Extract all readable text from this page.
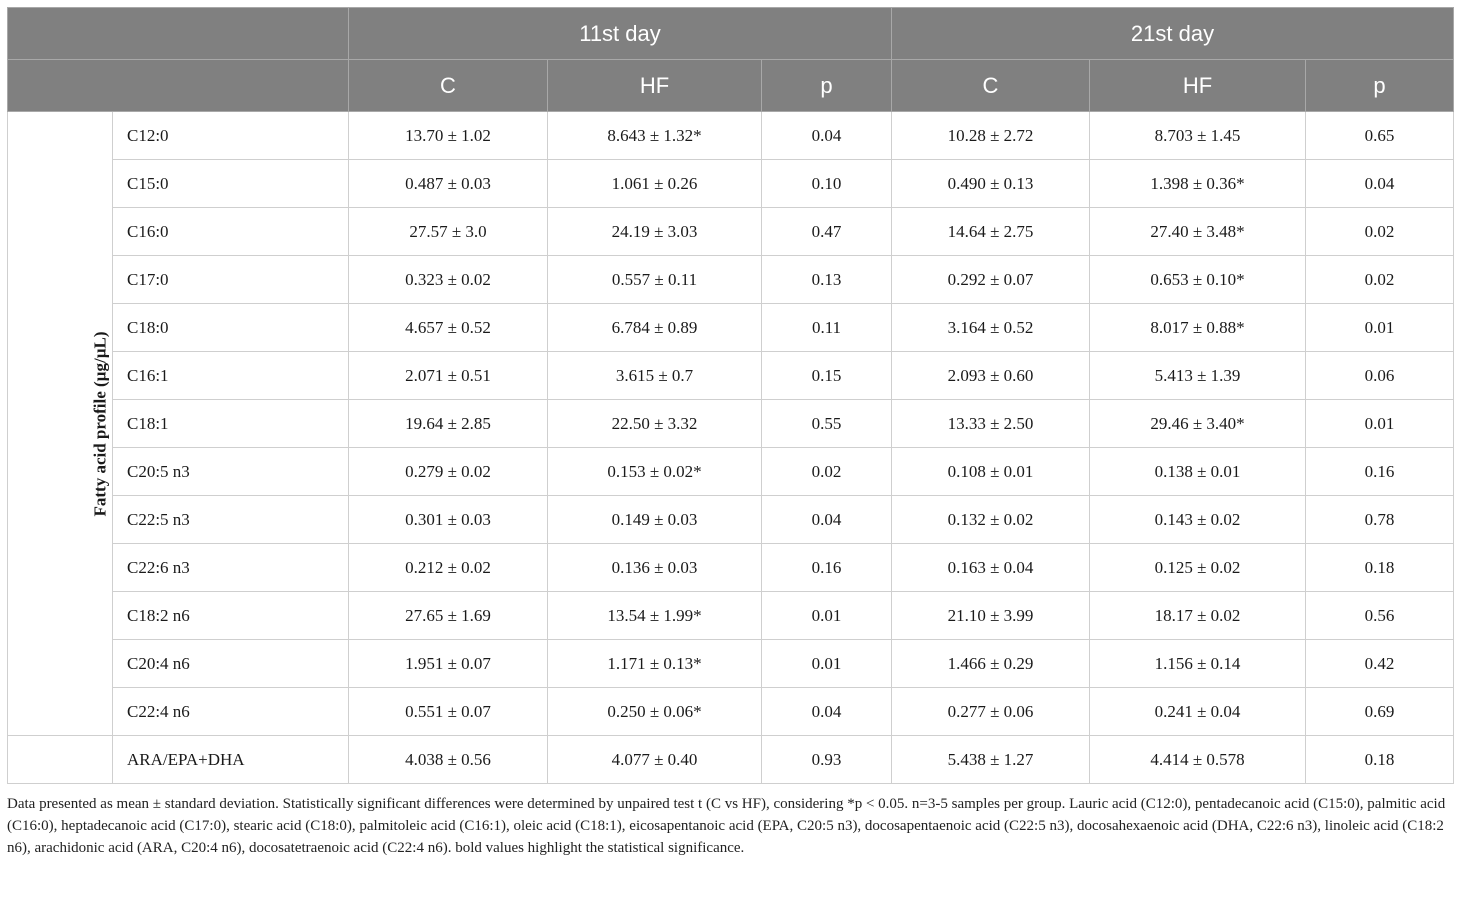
		11st day			21st day		
		C	HF	p	C	HF	p
Fatty acid profile (µg/µL)	C12:0	13.70 ± 1.02	8.643 ± 1.32*	0.04	10.28 ± 2.72	8.703 ± 1.45	0.65
	C15:0	0.487 ± 0.03	1.061 ± 0.26	0.10	0.490 ± 0.13	1.398 ± 0.36*	0.04
	C16:0	27.57 ± 3.0	24.19 ± 3.03	0.47	14.64 ± 2.75	27.40 ± 3.48*	0.02
	C17:0	0.323 ± 0.02	0.557 ± 0.11	0.13	0.292 ± 0.07	0.653 ± 0.10*	0.02
	C18:0	4.657 ± 0.52	6.784 ± 0.89	0.11	3.164 ± 0.52	8.017 ± 0.88*	0.01
	C16:1	2.071 ± 0.51	3.615 ± 0.7	0.15	2.093 ± 0.60	5.413 ± 1.39	0.06
	C18:1	19.64 ± 2.85	22.50 ± 3.32	0.55	13.33 ± 2.50	29.46 ± 3.40*	0.01
	C20:5 n3	0.279 ± 0.02	0.153 ± 0.02*	0.02	0.108 ± 0.01	0.138 ± 0.01	0.16
	C22:5 n3	0.301 ± 0.03	0.149 ± 0.03	0.04	0.132 ± 0.02	0.143 ± 0.02	0.78
	C22:6 n3	0.212 ± 0.02	0.136 ± 0.03	0.16	0.163 ± 0.04	0.125 ± 0.02	0.18
	C18:2 n6	27.65 ± 1.69	13.54 ± 1.99*	0.01	21.10 ± 3.99	18.17 ± 0.02	0.56
	C20:4 n6	1.951 ± 0.07	1.171 ± 0.13*	0.01	1.466 ± 0.29	1.156 ± 0.14	0.42
	C22:4 n6	0.551 ± 0.07	0.250 ± 0.06*	0.04	0.277 ± 0.06	0.241 ± 0.04	0.69
	ARA/EPA+DHA	4.038 ± 0.56	4.077 ± 0.40	0.93	5.438 ± 1.27	4.414 ± 0.578	0.18

Data presented as mean ± standard deviation. Statistically significant differences were determined by unpaired test t (C vs HF), considering *p < 0.05. n=3-5 samples per group. Lauric acid (C12:0), pentadecanoic acid (C15:0), palmitic acid (C16:0), heptadecanoic acid (C17:0), stearic acid (C18:0), palmitoleic acid (C16:1), oleic acid (C18:1), eicosapentanoic acid (EPA, C20:5 n3), docosapentaenoic acid (C22:5 n3), docosahexaenoic acid (DHA, C22:6 n3), linoleic acid (C18:2 n6), arachidonic acid (ARA, C20:4 n6), docosatetraenoic acid (C22:4 n6). bold values highlight the statistical significance.
